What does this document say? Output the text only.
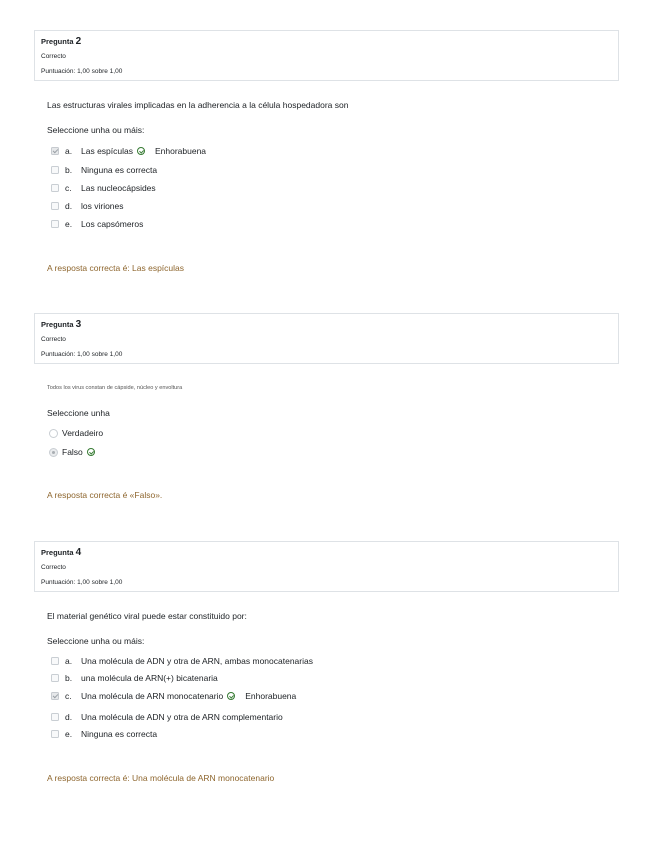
Pregunta 2
Correcto
Puntuación: 1,00 sobre 1,00
Las estructuras virales implicadas en la adherencia a la célula hospedadora son
Seleccione unha ou máis:
a.	Las espículas	Enhorabuena
b.	Ninguna es correcta
c.	Las nucleocápsides
d.	los viriones
e.	Los capsómeros
A resposta correcta é: Las espículas
Pregunta 3
Correcto
Puntuación: 1,00 sobre 1,00
Todos los virus constan de cápside, núcleo y envoltura
Seleccione unha
Verdadeiro
Falso
A resposta correcta é «Falso».
Pregunta 4
Correcto
Puntuación: 1,00 sobre 1,00
El material genético viral puede estar constituido por:
Seleccione unha ou máis:
a.	Una molécula de ADN y otra de ARN, ambas monocatenarias
b.	una molécula de ARN(+) bicatenaria
c.	Una molécula de ARN monocatenario	Enhorabuena
d.	Una molécula de ADN y otra de ARN complementario
e.	Ninguna es correcta
A resposta correcta é: Una molécula de ARN monocatenario
